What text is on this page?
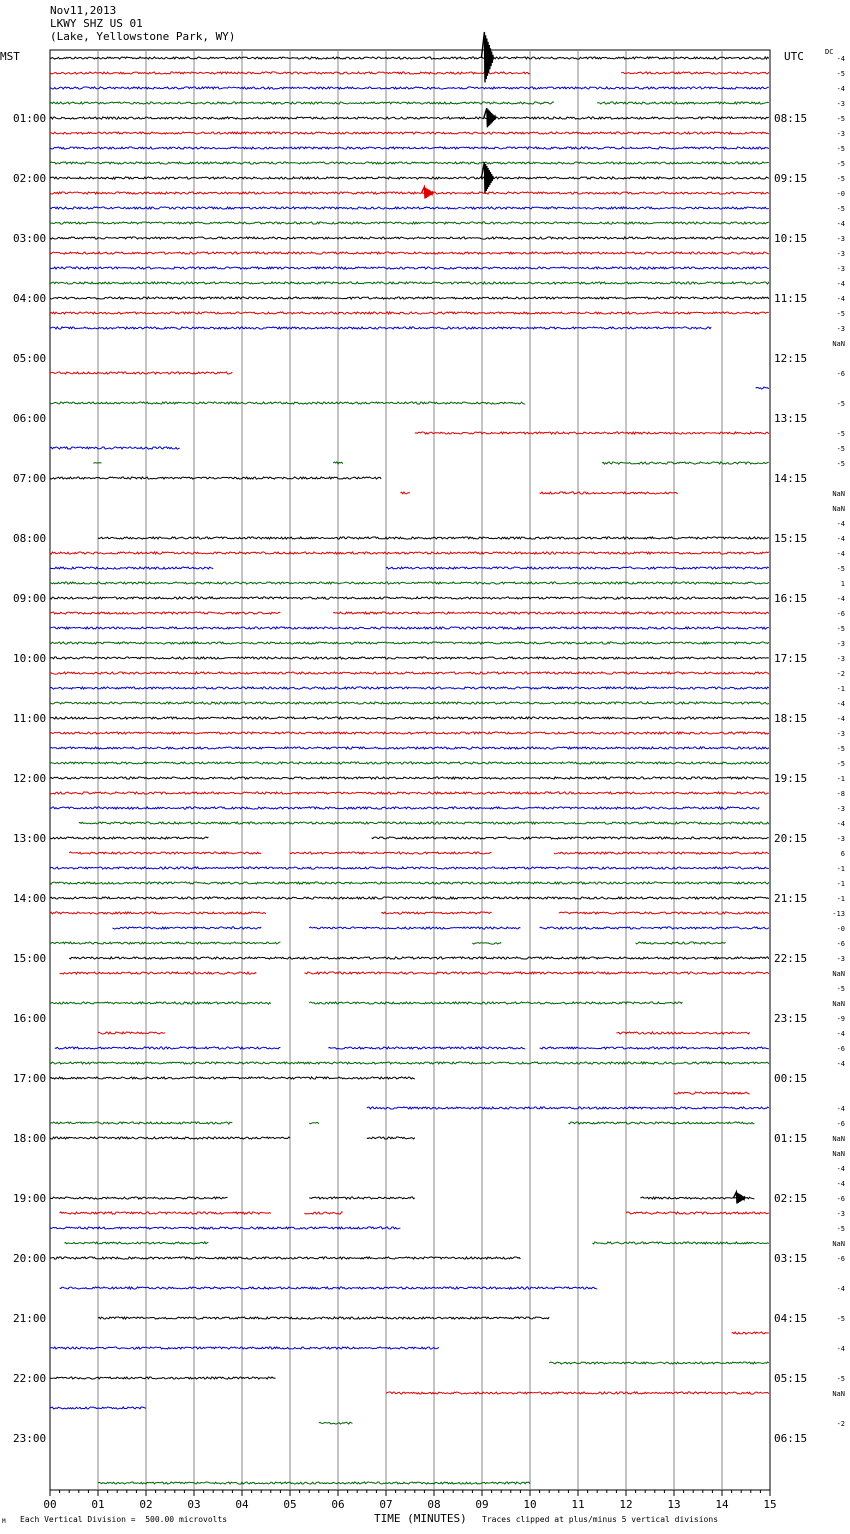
Nov11,2013
LKWY SHZ US 01
(Lake, Yellowstone Park, WY)
MST	UTC	DC
01:00
02:00
03:00
04:00
05:00
06:00
07:00
08:00
09:00
10:00
11:00
12:00
13:00
14:00
15:00
16:00
17:00
18:00
19:00
20:00
21:00
22:00
23:00
08:15
09:15
10:15
11:15
12:15
13:15
14:15
15:15
16:15
17:15
18:15
19:15
20:15
21:15
22:15
23:15
00:15
01:15
02:15
03:15
04:15
05:15
06:15
-4
-5
-4
-3
-5
-3
-5
-5
-5
-0
-5
-4
-3
-3
-3
-4
-4
-5
-3
NaN
-6
-5
-5
-5
-5
NaN
NaN
-4
-4
-4
-5
1
-4
-6
-5
-3
-3
-2
-1
-4
-4
-3
-5
-5
-1
-8
-3
-4
-3
6
-1
-1
-1
-13
-0
-6
-3
NaN
-5
NaN
-9
-4
-6
-4
-4
-6
NaN
NaN
-4
-4
-6
-3
-5
NaN
-6
-4
-5
-4
-5
NaN
-2
00	01	02	03	04	05	06	07	08	09	10	11	12	13	14	15
M Each Vertical Division =  500.00 microvolts	TIME (MINUTES) Traces clipped at plus/minus 5 vertical divisions
